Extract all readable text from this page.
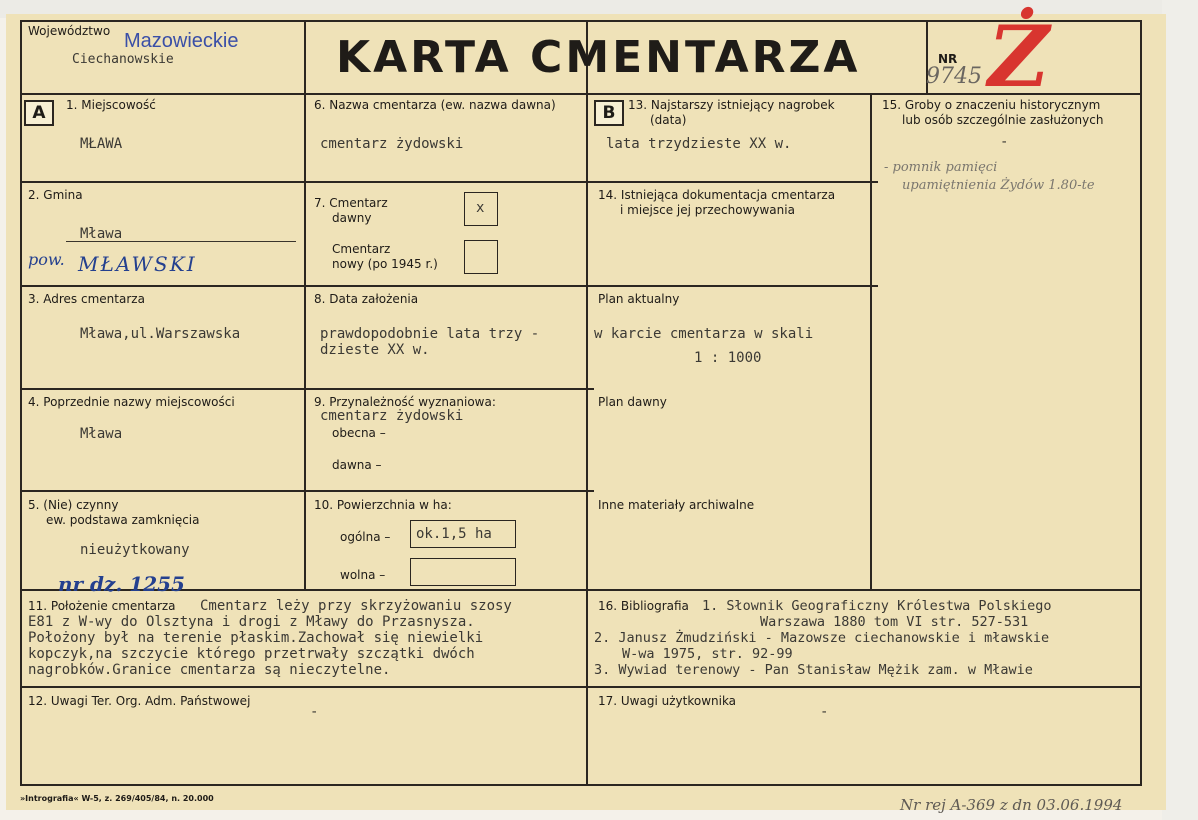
Województwo Mazowieckie
Ciechanowskie	KARTA CMENTARZA	NR
9745 Ż
A	1. Miejscowość
MŁAWA
2. Gmina
Mława
pow. MŁAWSKI
3. Adres cmentarza
Mława,ul.Warszawska
4. Poprzednie nazwy miejscowości
Mława
5. (Nie) czynny
ew. podstawa zamknięcia
nieużytkowany
nr dz. 1255
6. Nazwa cmentarza (ew. nazwa dawna)
cmentarz żydowski
7. Cmentarz
dawny
x
Cmentarz
nowy (po 1945 r.)
8. Data założenia
prawdopodobnie lata trzy -
dzieste XX w.
9. Przynależność wyznaniowa:
cmentarz żydowski
obecna –
dawna –
10. Powierzchnia w ha:
ogólna – ok.1,5 ha
wolna –
B	13. Najstarszy istniejący nagrobek
(data)
lata trzydzieste XX w.
14. Istniejąca dokumentacja cmentarza
i miejsce jej przechowywania
Plan aktualny
w karcie cmentarza w skali
1 : 1000
Plan dawny
Inne materiały archiwalne
15. Groby o znaczeniu historycznym
lub osób szczególnie zasłużonych
-
- pomnik pamięci
upamiętnienia Żydów 1.80-te
11. Położenie cmentarza Cmentarz leży przy skrzyżowaniu szosy
E81 z W-wy do Olsztyna i drogi z Mławy do Przasnysza.
Położony był na terenie płaskim.Zachował się niewielki
kopczyk,na szczycie którego przetrwały szczątki dwóch
nagrobków.Granice cmentarza są nieczytelne.
16. Bibliografia 1. Słownik Geograficzny Królestwa Polskiego
Warszawa 1880 tom VI str. 527-531
2. Janusz Żmudziński - Mazowsze ciechanowskie i mławskie
W-wa 1975, str. 92-99
3. Wywiad terenowy - Pan Stanisław Mężik zam. w Mławie
12. Uwagi Ter. Org. Adm. Państwowej
-
17. Uwagi użytkownika
-
»Intrografia« W-5, z. 269/405/84, n. 20.000	Nr rej A-369 z dn 03.06.1994
